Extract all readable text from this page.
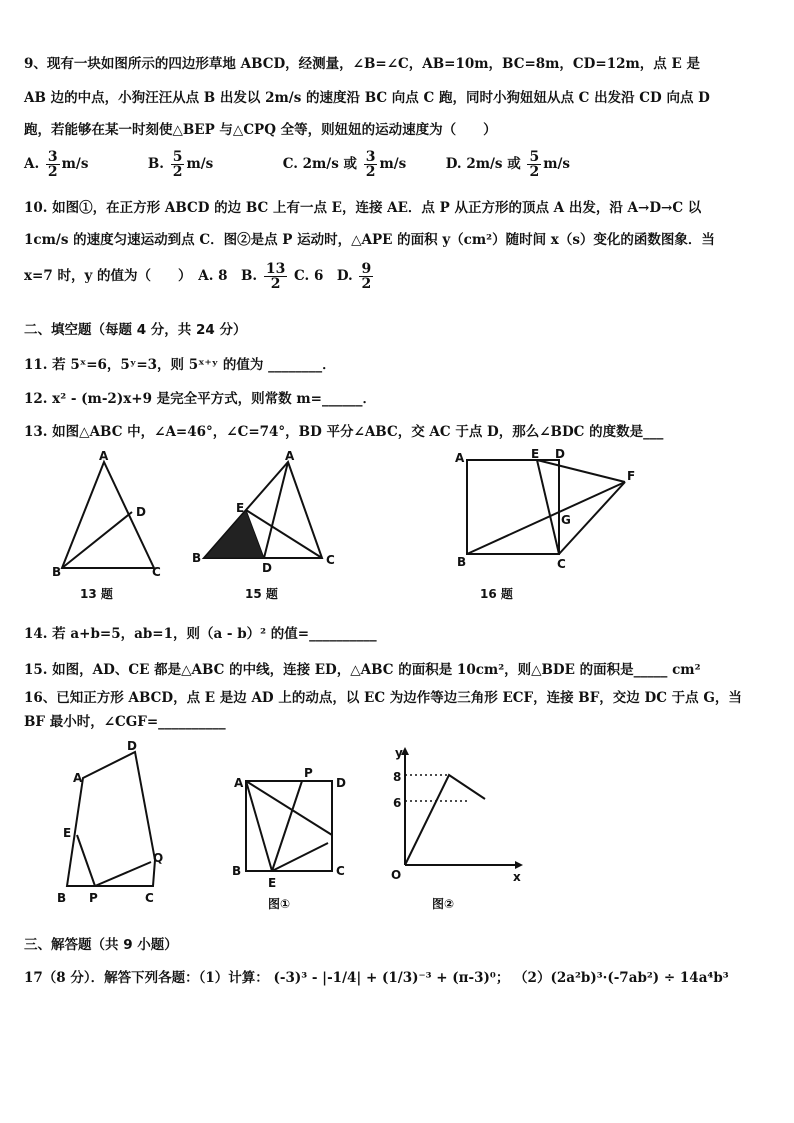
9、现有一块如图所示的四边形草地 ABCD，经测量，∠B=∠C，AB=10m，BC=8m，CD=12m，点 E 是
AB 边的中点，小狗汪汪从点 B 出发以 2m/s 的速度沿 BC 向点 C 跑，同时小狗妞妞从点 C 出发沿 CD 向点 D
跑，若能够在某一时刻使△BEP 与△CPQ 全等，则妞妞的运动速度为（　　）
A. $\frac{3}{2} m/s$	B. $\frac{5}{2} m/s$	C. 2m/s 或 $\frac{3}{2} m/s$	D. 2m/s 或 $\frac{5}{2} m/s$
10. 如图①，在正方形 ABCD 的边 BC 上有一点 E，连接 AE．点 P 从正方形的顶点 A 出发，沿 A→D→C 以
1cm/s 的速度匀速运动到点 C．图②是点 P 运动时，△APE 的面积 y（cm²）随时间 x（s）变化的函数图象．当
x=7 时，y 的值为（　　）　A. 8　B. $\frac{13}{2} C$. 6　D. $\frac{9}{2}$
二、填空题（每题 4 分，共 24 分）
11. 若 5ˣ=6，5ʸ=3，则 5ˣ⁺ʸ 的值为 ________．
12. x² - (m-2)x+9 是完全平方式，则常数 m=______．
13. 如图△ABC 中，∠A=46°，∠C=74°，BD 平分∠ABC，交 AC 于点 D，那么∠BDC 的度数是___
A
B	C
D
13 题
A
E
B
D
C
15 题
A	E D
F
G
B	C
16 题
14. 若 a+b=5，ab=1，则（a - b）² 的值=__________
15. 如图，AD、CE 都是△ABC 的中线，连接 ED，△ABC 的面积是 10cm²，则△BDE 的面积是_____ cm²
16、已知正方形 ABCD，点 E 是边 AD 上的动点，以 EC 为边作等边三角形 ECF，连接 BF，交边 DC 于点 G，当
BF 最小时，∠CGF=__________
A
D
E
Q
B P	C
A
P
D
B
E
C
图①
y
8
6
O	x
图②
三、解答题（共 9 小题）
17（8 分）．解答下列各题：（1）计算： (-3)³ - |-1/4| + (1/3)⁻³ + (π-3)⁰； （2）(2a²b)³·(-7ab²) ÷ 14a⁴b³
